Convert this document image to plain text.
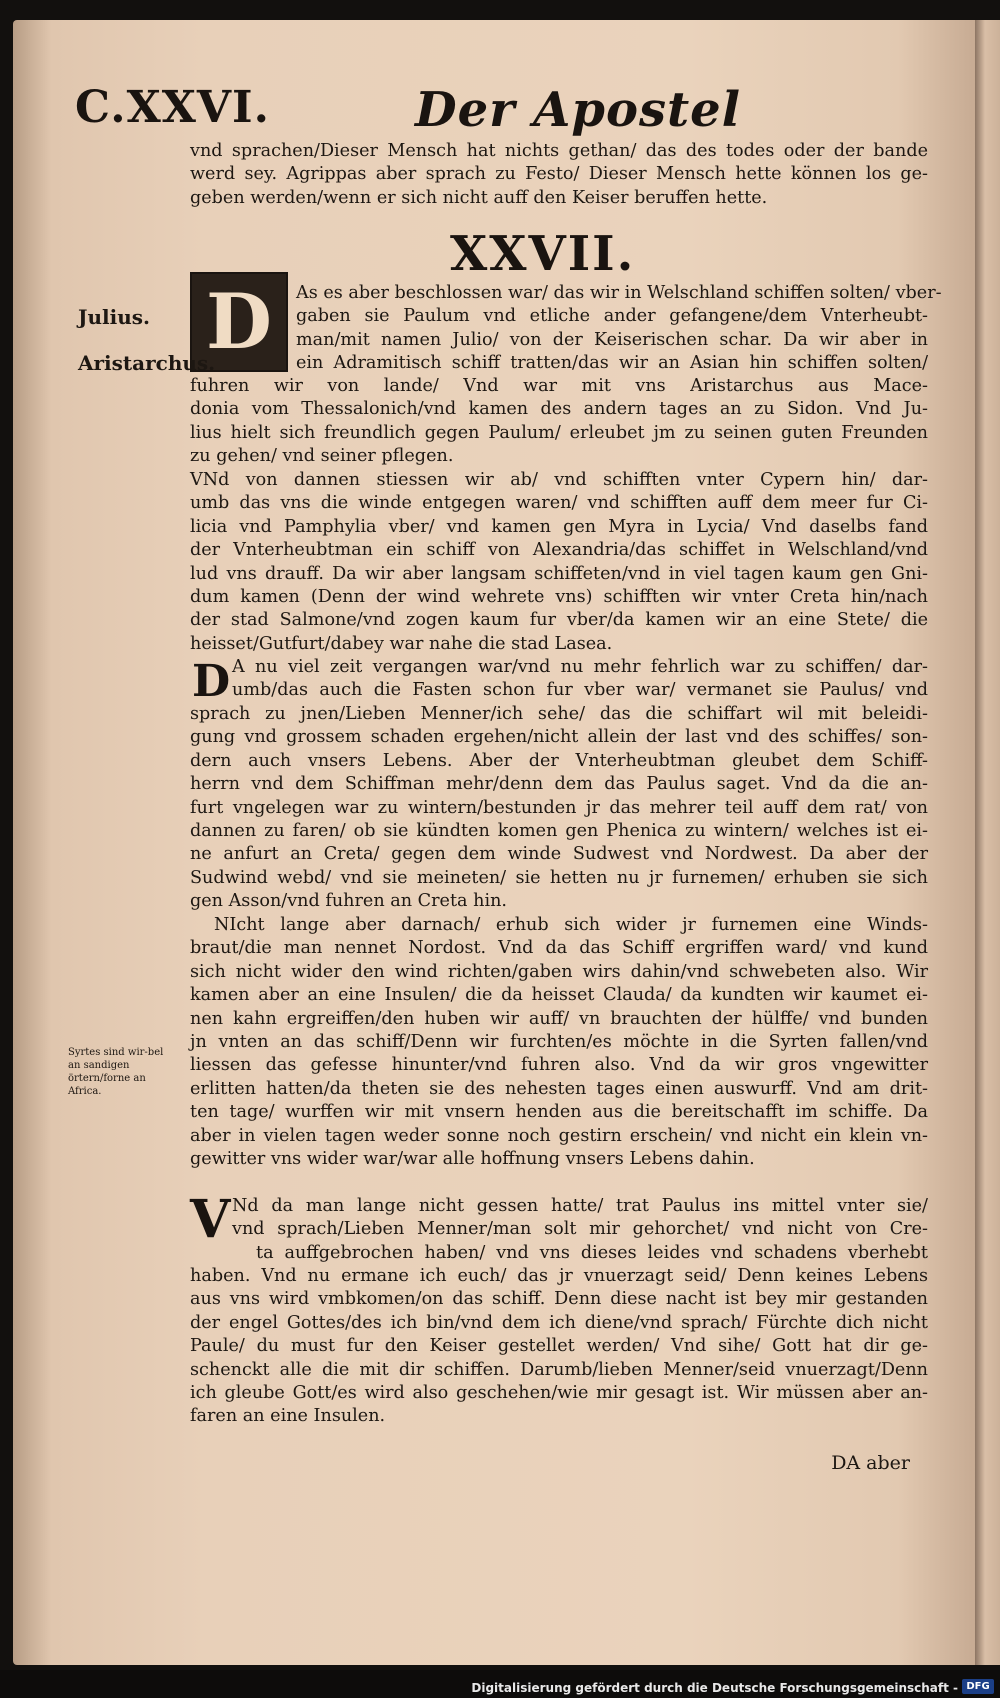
C.XXVI.	Der Apostel
vnd sprachen/Dieser Mensch hat nichts gethan/ das des todes oder der bande
werd sey. Agrippas aber sprach zu Festo/ Dieser Mensch hette können los ge-
geben werden/wenn er sich nicht auff den Keiser beruffen hette.
XXVII.
D
Julius.
Aristarchus.
As es aber beschlossen war/ das wir in Welschland schiffen solten/ vber-
gaben sie Paulum vnd etliche ander gefangene/dem Vnterheubt-
man/mit namen Julio/ von der Keiserischen schar. Da wir aber in
ein Adramitisch schiff tratten/das wir an Asian hin schiffen solten/
fuhren wir von lande/ Vnd war mit vns Aristarchus aus Mace-
donia vom Thessalonich/vnd kamen des andern tages an zu Sidon. Vnd Ju-
lius hielt sich freundlich gegen Paulum/ erleubet jm zu seinen guten Freunden
zu gehen/ vnd seiner pflegen.
VNd von dannen stiessen wir ab/ vnd schifften vnter Cypern hin/ dar-
umb das vns die winde entgegen waren/ vnd schifften auff dem meer fur Ci-
licia vnd Pamphylia vber/ vnd kamen gen Myra in Lycia/ Vnd daselbs fand
der Vnterheubtman ein schiff von Alexandria/das schiffet in Welschland/vnd
lud vns drauff. Da wir aber langsam schiffeten/vnd in viel tagen kaum gen Gni-
dum kamen (Denn der wind wehrete vns) schifften wir vnter Creta hin/nach
der stad Salmone/vnd zogen kaum fur vber/da kamen wir an eine Stete/ die
heisset/Gutfurt/dabey war nahe die stad Lasea.
D A nu viel zeit vergangen war/vnd nu mehr fehrlich war zu schiffen/ dar-
umb/das auch die Fasten schon fur vber war/ vermanet sie Paulus/ vnd
sprach zu jnen/Lieben Menner/ich sehe/ das die schiffart wil mit beleidi-
gung vnd grossem schaden ergehen/nicht allein der last vnd des schiffes/ son-
dern auch vnsers Lebens. Aber der Vnterheubtman gleubet dem Schiff-
herrn vnd dem Schiffman mehr/denn dem das Paulus saget. Vnd da die an-
furt vngelegen war zu wintern/bestunden jr das mehrer teil auff dem rat/ von
dannen zu faren/ ob sie kündten komen gen Phenica zu wintern/ welches ist ei-
ne anfurt an Creta/ gegen dem winde Sudwest vnd Nordwest. Da aber der
Sudwind webd/ vnd sie meineten/ sie hetten nu jr furnemen/ erhuben sie sich
gen Asson/vnd fuhren an Creta hin.
NIcht lange aber darnach/ erhub sich wider jr furnemen eine Winds-
braut/die man nennet Nordost. Vnd da das Schiff ergriffen ward/ vnd kund
sich nicht wider den wind richten/gaben wirs dahin/vnd schwebeten also. Wir
kamen aber an eine Insulen/ die da heisset Clauda/ da kundten wir kaumet ei-
nen kahn ergreiffen/den huben wir auff/ vn brauchten der hülffe/ vnd bunden
jn vnten an das schiff/Denn wir furchten/es möchte in die Syrten fallen/vnd
liessen das gefesse hinunter/vnd fuhren also. Vnd da wir gros vngewitter
erlitten hatten/da theten sie des nehesten tages einen auswurff. Vnd am drit-
ten tage/ wurffen wir mit vnsern henden aus die bereitschafft im schiffe. Da
aber in vielen tagen weder sonne noch gestirn erschein/ vnd nicht ein klein vn-
gewitter vns wider war/war alle hoffnung vnsers Lebens dahin.
Syrtes sind wir-bel an sandigen örtern/forne an Africa.
V Nd da man lange nicht gessen hatte/ trat Paulus ins mittel vnter sie/
vnd sprach/Lieben Menner/man solt mir gehorchet/ vnd nicht von Cre-
ta auffgebrochen haben/ vnd vns dieses leides vnd schadens vberhebt
haben. Vnd nu ermane ich euch/ das jr vnuerzagt seid/ Denn keines Lebens
aus vns wird vmbkomen/on das schiff. Denn diese nacht ist bey mir gestanden
der engel Gottes/des ich bin/vnd dem ich diene/vnd sprach/ Fürchte dich nicht
Paule/ du must fur den Keiser gestellet werden/ Vnd sihe/ Gott hat dir ge-
schenckt alle die mit dir schiffen. Darumb/lieben Menner/seid vnuerzagt/Denn
ich gleube Gott/es wird also geschehen/wie mir gesagt ist. Wir müssen aber an-
faren an eine Insulen.
DA aber
Digitalisierung gefördert durch die Deutsche Forschungsgemeinschaft - DFG
